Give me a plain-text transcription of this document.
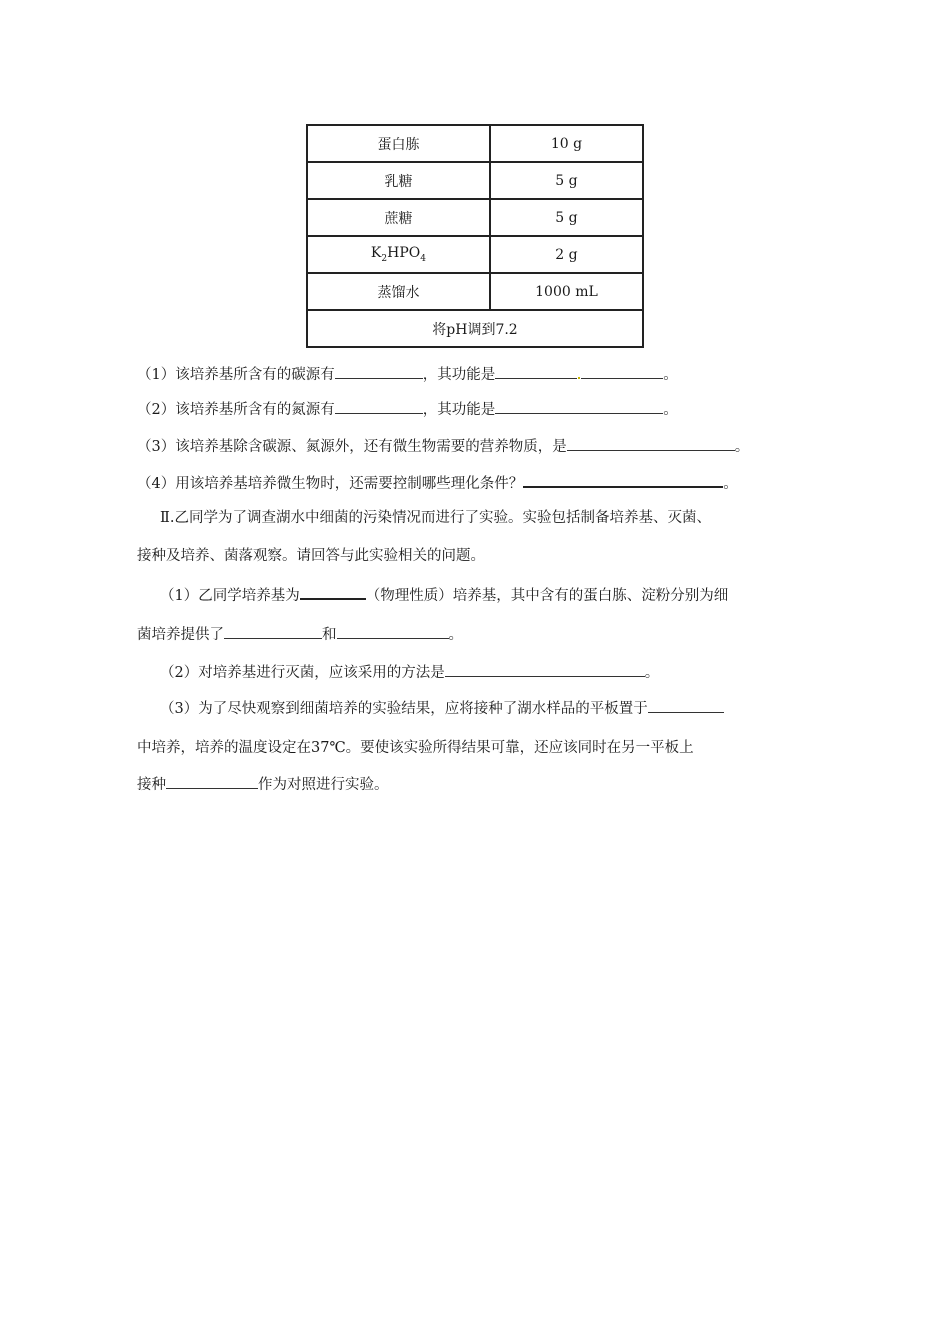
蛋白胨	10 g
乳糖	5 g
蔗糖	5 g
$K_2HPO_4$	2 g
蒸馏水	1000 mL
将pH调到7.2	
（1）该培养基所含有的碳源有	，其功能是	。
（2）该培养基所含有的氮源有	，其功能是	。
（3）该培养基除含碳源、氮源外，还有微生物需要的营养物质，是	。
（4）用该培养基培养微生物时，还需要控制哪些理化条件？	。
Ⅱ.乙同学为了调查湖水中细菌的污染情况而进行了实验。实验包括制备培养基、灭菌、
接种及培养、菌落观察。请回答与此实验相关的问题。
（1）乙同学培养基为	（物理性质）培养基，其中含有的蛋白胨、淀粉分别为细
菌培养提供了	和	。
（2）对培养基进行灭菌，应该采用的方法是	。
（3）为了尽快观察到细菌培养的实验结果，应将接种了湖水样品的平板置于
中培养，培养的温度设定在37℃。要使该实验所得结果可靠，还应该同时在另一平板上
接种	作为对照进行实验。
